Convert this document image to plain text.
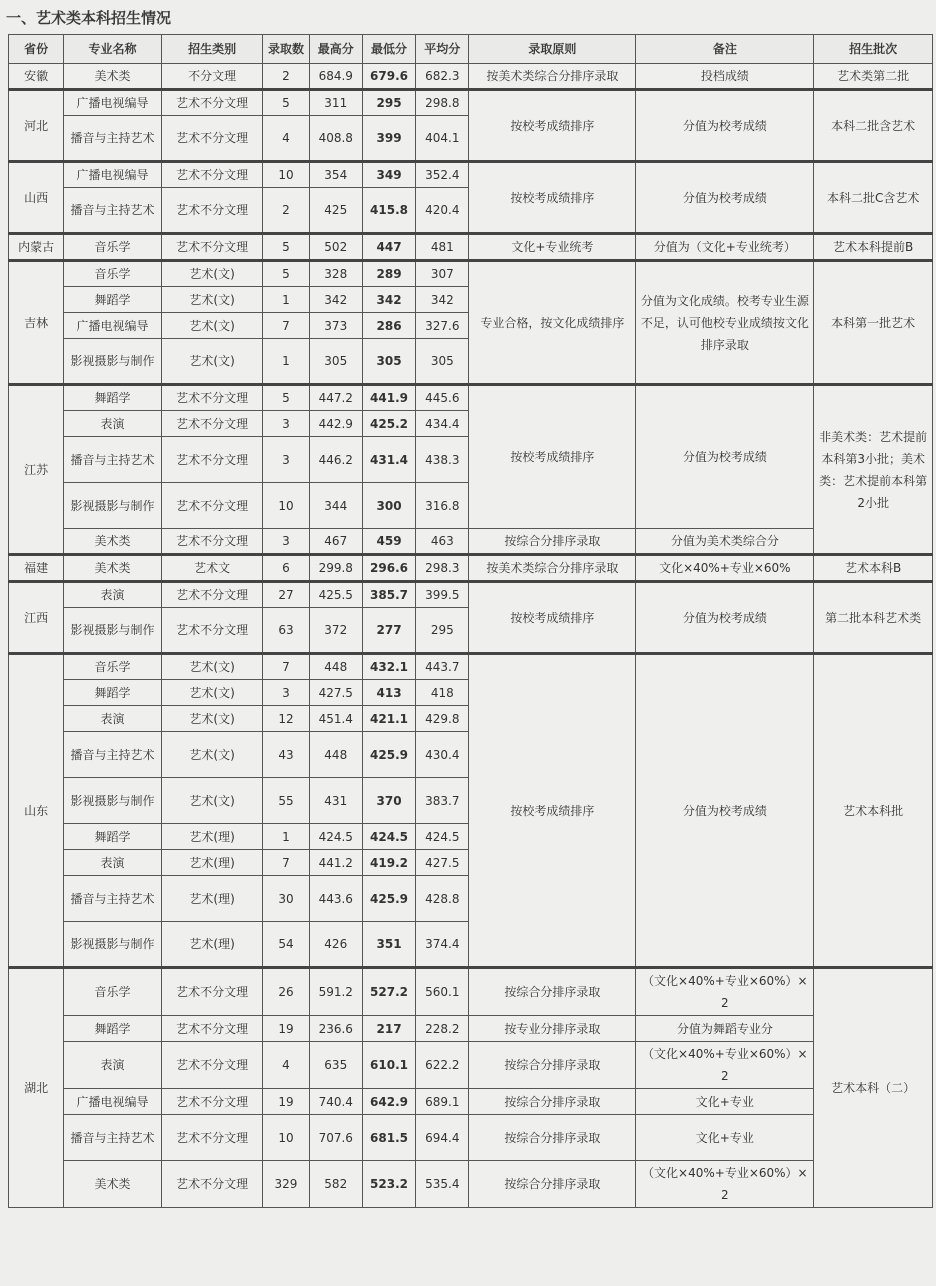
一、艺术类本科招生情况
省份	专业名称	招生类别	录取数	最高分	最低分	平均分	录取原则	备注	招生批次
安徽	美术类	不分文理	2	684.9	679.6	682.3	按美术类综合分排序录取	投档成绩	艺术类第二批
河北	广播电视编导	艺术不分文理	5	311	295	298.8	按校考成绩排序	分值为校考成绩	本科二批含艺术
	播音与主持艺术	艺术不分文理	4	408.8	399	404.1			
山西	广播电视编导	艺术不分文理	10	354	349	352.4	按校考成绩排序	分值为校考成绩	本科二批C含艺术
	播音与主持艺术	艺术不分文理	2	425	415.8	420.4			
内蒙古	音乐学	艺术不分文理	5	502	447	481	文化+专业统考	分值为（文化+专业统考）	艺术本科提前B
吉林	音乐学	艺术(文)	5	328	289	307	专业合格，按文化成绩排序	分值为文化成绩。校考专业生源不足，认可他校专业成绩按文化排序录取	本科第一批艺术
	舞蹈学	艺术(文)	1	342	342	342			
	广播电视编导	艺术(文)	7	373	286	327.6			
	影视摄影与制作	艺术(文)	1	305	305	305			
江苏	舞蹈学	艺术不分文理	5	447.2	441.9	445.6	按校考成绩排序	分值为校考成绩	非美术类：艺术提前本科第3小批；美术类：艺术提前本科第2小批
	表演	艺术不分文理	3	442.9	425.2	434.4			
	播音与主持艺术	艺术不分文理	3	446.2	431.4	438.3			
	影视摄影与制作	艺术不分文理	10	344	300	316.8			
	美术类	艺术不分文理	3	467	459	463	按综合分排序录取	分值为美术类综合分	
福建	美术类	艺术文	6	299.8	296.6	298.3	按美术类综合分排序录取	文化×40%+专业×60%	艺术本科B
江西	表演	艺术不分文理	27	425.5	385.7	399.5	按校考成绩排序	分值为校考成绩	第二批本科艺术类
	影视摄影与制作	艺术不分文理	63	372	277	295			
山东	音乐学	艺术(文)	7	448	432.1	443.7	按校考成绩排序	分值为校考成绩	艺术本科批
	舞蹈学	艺术(文)	3	427.5	413	418			
	表演	艺术(文)	12	451.4	421.1	429.8			
	播音与主持艺术	艺术(文)	43	448	425.9	430.4			
	影视摄影与制作	艺术(文)	55	431	370	383.7			
	舞蹈学	艺术(理)	1	424.5	424.5	424.5			
	表演	艺术(理)	7	441.2	419.2	427.5			
	播音与主持艺术	艺术(理)	30	443.6	425.9	428.8			
	影视摄影与制作	艺术(理)	54	426	351	374.4			
湖北	音乐学	艺术不分文理	26	591.2	527.2	560.1	按综合分排序录取	（文化×40%+专业×60%）×2	艺术本科（二）
	舞蹈学	艺术不分文理	19	236.6	217	228.2	按专业分排序录取	分值为舞蹈专业分	
	表演	艺术不分文理	4	635	610.1	622.2	按综合分排序录取	（文化×40%+专业×60%）×2	
	广播电视编导	艺术不分文理	19	740.4	642.9	689.1	按综合分排序录取	文化+专业	
	播音与主持艺术	艺术不分文理	10	707.6	681.5	694.4	按综合分排序录取	文化+专业	
	美术类	艺术不分文理	329	582	523.2	535.4	按综合分排序录取	（文化×40%+专业×60%）×2	
